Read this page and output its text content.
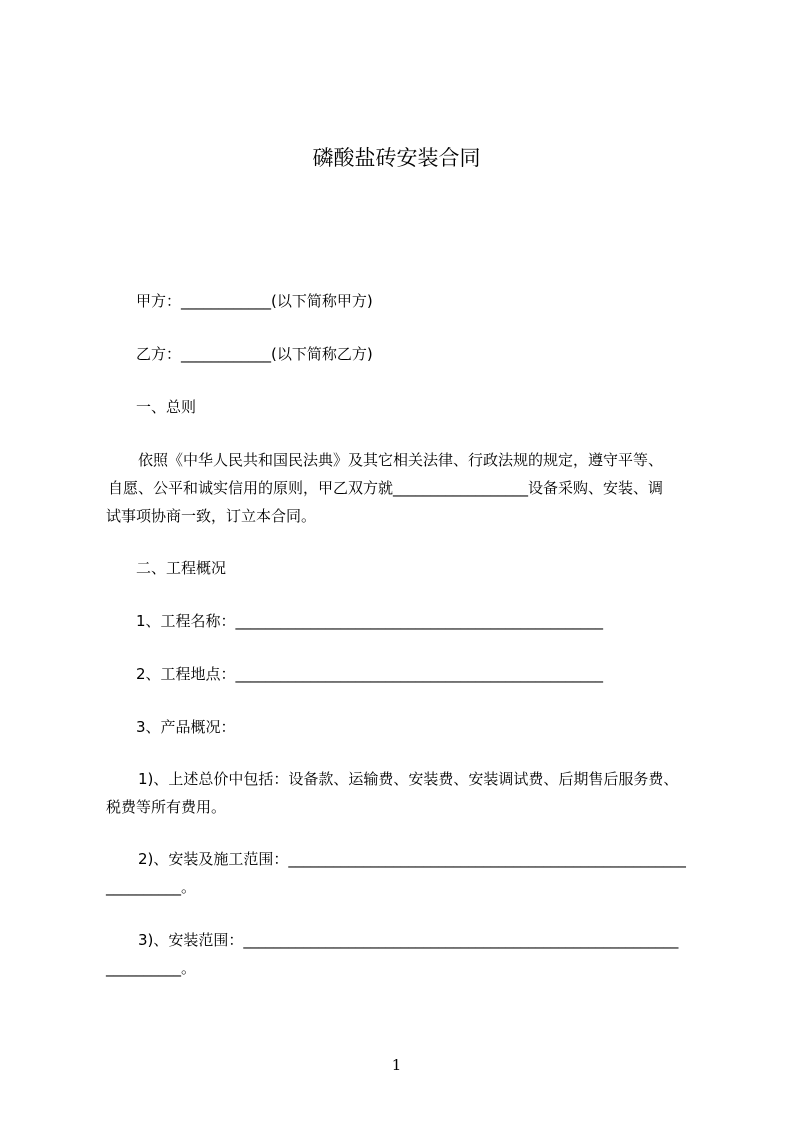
磷酸盐砖安装合同
甲方：____________(以下简称甲方)
乙方：____________(以下简称乙方)
一、总则
依照《中华人民共和国民法典》及其它相关法律、行政法规的规定，遵守平等、
自愿、公平和诚实信用的原则，甲乙双方就__________________设备采购、安装、调
试事项协商一致，订立本合同。
二、工程概况
1、工程名称：_________________________________________________
2、工程地点：_________________________________________________
3、产品概况：
1)、上述总价中包括：设备款、运输费、安装费、安装调试费、后期售后服务费、
税费等所有费用。
2)、安装及施工范围：_____________________________________________________
__________。
3)、安装范围：__________________________________________________________
__________。
1
